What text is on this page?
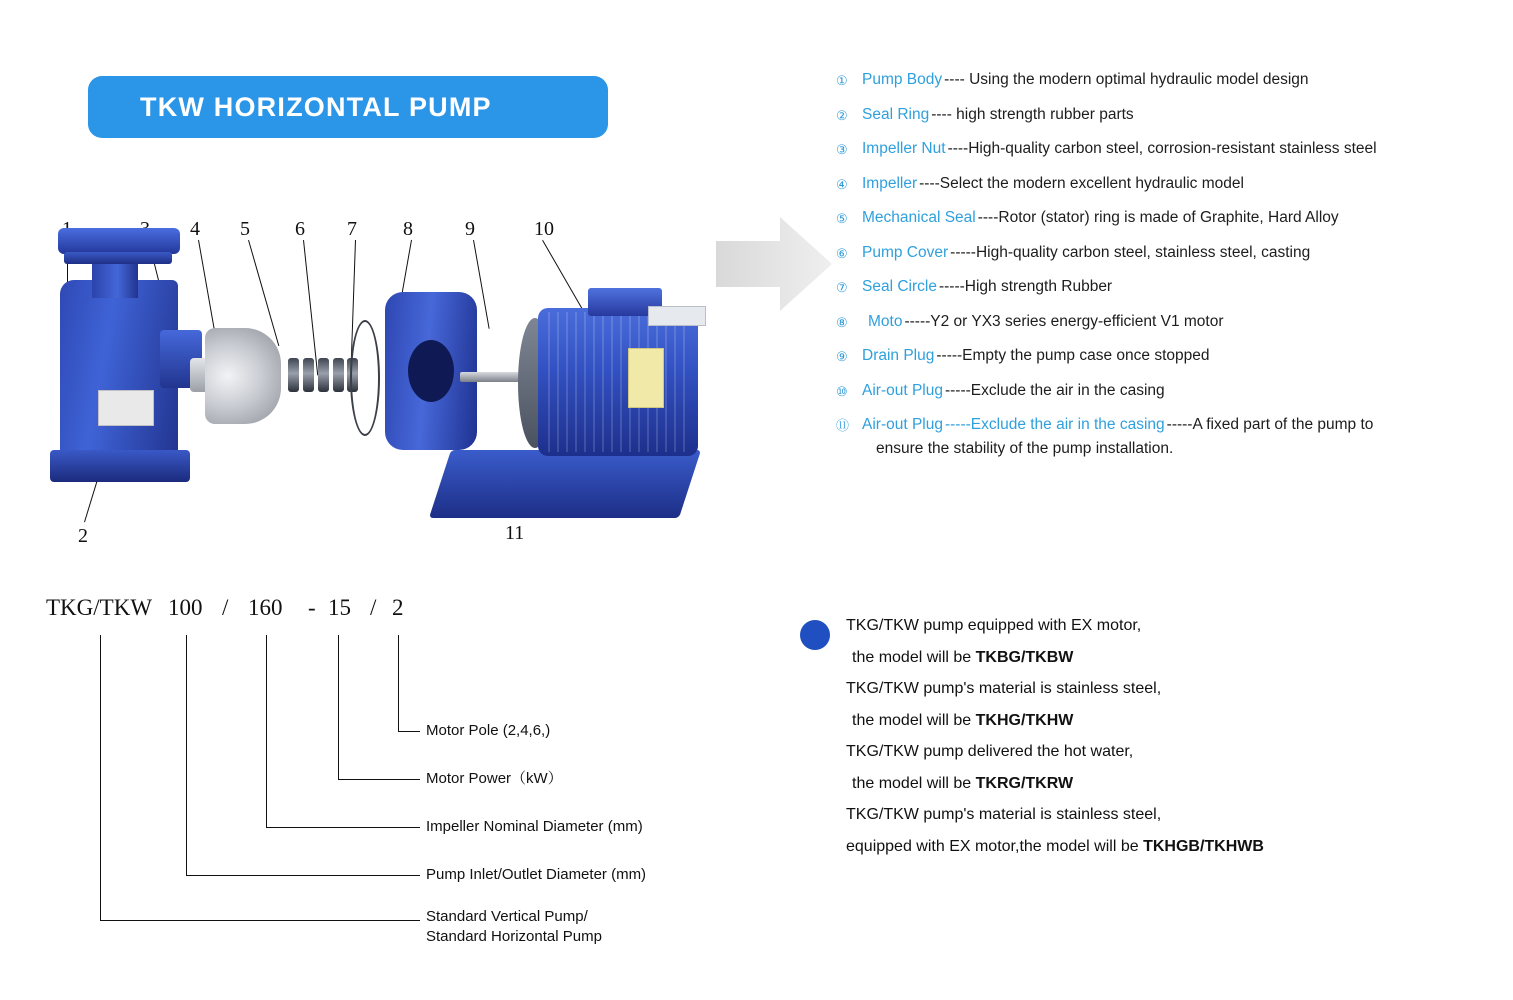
TKW HORIZONTAL PUMP
4 5 6 7 8	9	10
2	11
① Pump Body ---- Using the modern optimal hydraulic model design
② Seal Ring ---- high strength rubber parts
③ Impeller Nut ----High-quality carbon steel, corrosion-resistant stainless steel
④ Impeller ----Select the modern excellent hydraulic model
⑤ Mechanical Seal ----Rotor (stator) ring is made of Graphite, Hard Alloy
⑥ Pump Cover -----High-quality carbon steel, stainless steel, casting
⑦ Seal Circle -----High strength Rubber
⑧	Moto -----Y2 or YX3 series energy-efficient V1 motor
⑨ Drain Plug -----Empty the pump case once stopped
⑩ Air-out Plug -----Exclude the air in the casing
⑪ Air-out Plug -----Exclude the air in the casing -----A fixed part of the pump to
ensure the stability of the pump installation.
TKG/TKW 100 / 160 - 15 / 2
Motor Pole (2,4,6,)
Motor Power（kW）
Impeller Nominal Diameter (mm)
Pump Inlet/Outlet Diameter (mm)
Standard Vertical Pump/
Standard Horizontal Pump

TKG/TKW pump equipped with EX motor,

the model will be TKBG/TKBW

TKG/TKW pump's material is stainless steel,

the model will be TKHG/TKHW

TKG/TKW pump delivered the hot water,

the model will be TKRG/TKRW

TKG/TKW pump's material is stainless steel,

equipped with EX motor,the model will be TKHGB/TKHWB
